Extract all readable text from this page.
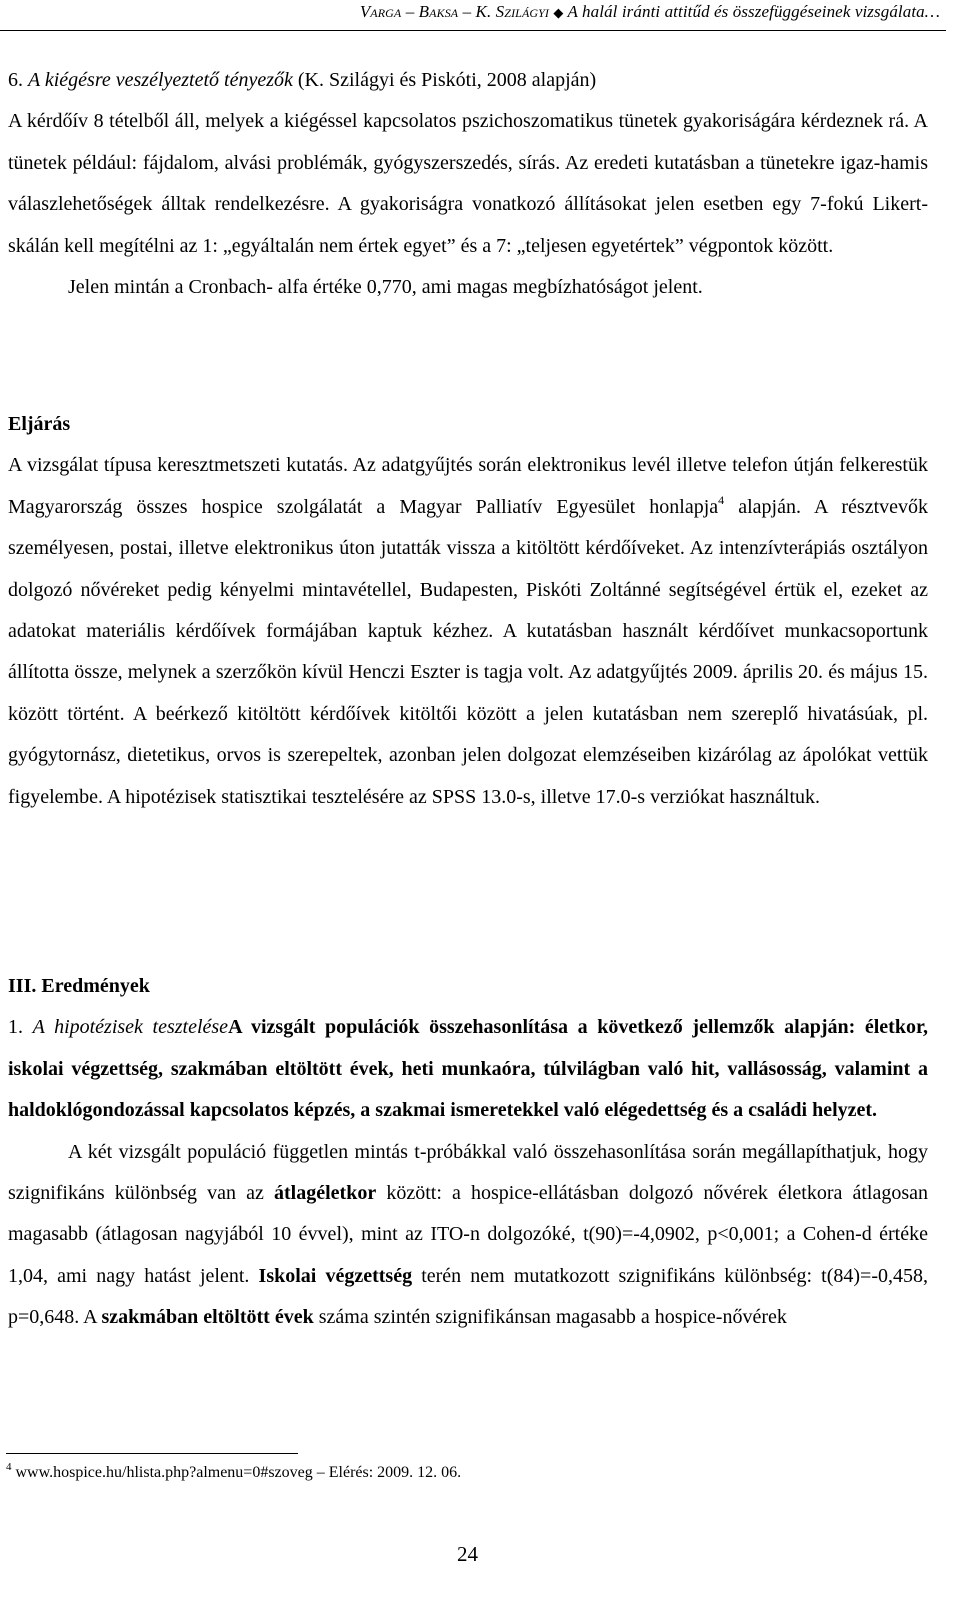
Varga – Baksa – K. Szilágyi ◆ A halál iránti attitűd és összefüggéseinek vizsgálata…

6. A kiégésre veszélyeztető tényezők (K. Szilágyi és Piskóti, 2008 alapján)

A kérdőív 8 tételből áll, melyek a kiégéssel kapcsolatos pszichoszomatikus tünetek gyakoriságára kérdeznek rá. A tünetek például: fájdalom, alvási problémák, gyógyszerszedés, sírás. Az eredeti kutatásban a tünetekre igaz-hamis válaszlehetőségek álltak rendelkezésre. A gyakoriságra vonatkozó állításokat jelen esetben egy 7-fokú Likert-skálán kell megítélni az 1: „egyáltalán nem értek egyet” és a 7: „teljesen egyetértek” végpontok között.

Jelen mintán a Cronbach- alfa értéke 0,770, ami magas megbízhatóságot jelent.

Eljárás

A vizsgálat típusa keresztmetszeti kutatás. Az adatgyűjtés során elektronikus levél illetve telefon útján felkerestük Magyarország összes hospice szolgálatát a Magyar Palliatív Egyesület honlapja$^4$ alapján. A résztvevők személyesen, postai, illetve elektronikus úton jutatták vissza a kitöltött kérdőíveket. Az intenzívterápiás osztályon dolgozó nővéreket pedig kényelmi mintavétellel, Budapesten, Piskóti Zoltánné segítségével értük el, ezeket az adatokat materiális kérdőívek formájában kaptuk kézhez. A kutatásban használt kérdőívet munkacsoportunk állította össze, melynek a szerzőkön kívül Henczi Eszter is tagja volt. Az adatgyűjtés 2009. április 20. és május 15. között történt. A beérkező kitöltött kérdőívek kitöltői között a jelen kutatásban nem szereplő hivatásúak, pl. gyógytornász, dietetikus, orvos is szerepeltek, azonban jelen dolgozat elemzéseiben kizárólag az ápolókat vettük figyelembe. A hipotézisek statisztikai tesztelésére az SPSS 13.0-s, illetve 17.0-s verziókat használtuk.

III. Eredmények

1. A hipotézisek teszteléseA vizsgált populációk összehasonlítása a következő jellemzők alapján: életkor, iskolai végzettség, szakmában eltöltött évek, heti munkaóra, túlvilágban való hit, vallásosság, valamint a haldoklógondozással kapcsolatos képzés, a szakmai ismeretekkel való elégedettség és a családi helyzet.

A két vizsgált populáció független mintás t-próbákkal való összehasonlítása során megállapíthatjuk, hogy szignifikáns különbség van az átlagéletkor között: a hospice-ellátásban dolgozó nővérek életkora átlagosan magasabb (átlagosan nagyjából 10 évvel), mint az ITO-n dolgozóké, t(90)=-4,0902, p<0,001; a Cohen-d értéke 1,04, ami nagy hatást jelent. Iskolai végzettség terén nem mutatkozott szignifikáns különbség: t(84)=-0,458, p=0,648. A szakmában eltöltött évek száma szintén szignifikánsan magasabb a hospice-nővérek

$^4$ www.hospice.hu/hlista.php?almenu=0#szoveg – Elérés: 2009. 12. 06.
24
